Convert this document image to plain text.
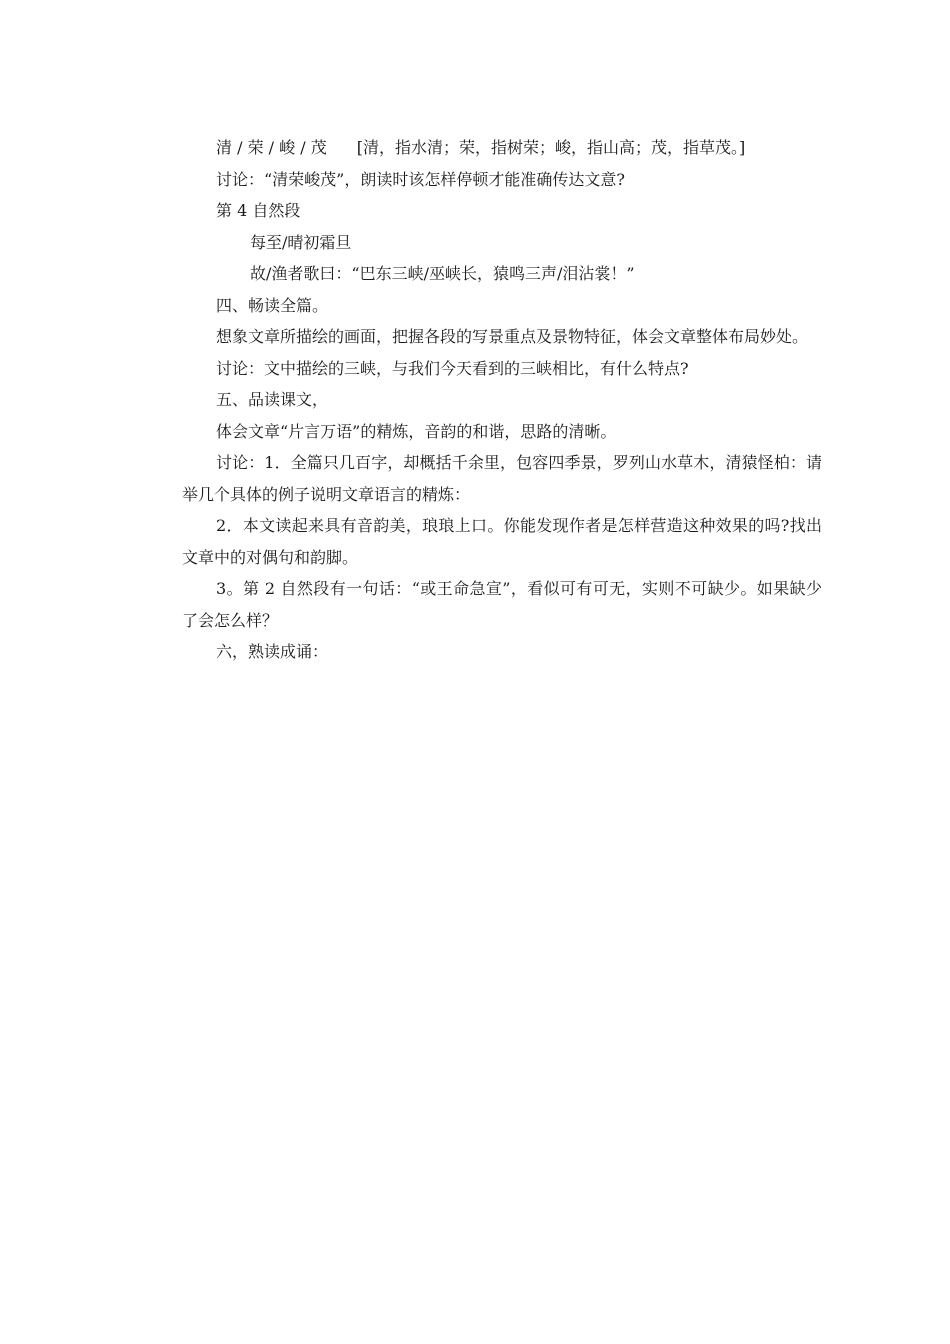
清 / 荣 / 峻 / 茂 [清，指水清；荣，指树荣；峻，指山高；茂，指草茂。]

讨论：“清荣峻茂”，朗读时该怎样停顿才能准确传达文意?

第 4 自然段

每至/晴初霜旦

故/渔者歌曰：“巴东三峡/巫峡长，猿鸣三声/泪沾裳！”

四、畅读全篇。

想象文章所描绘的画面，把握各段的写景重点及景物特征，体会文章整体布局妙处。

讨论：文中描绘的三峡，与我们今天看到的三峡相比，有什么特点?

五、品读课文，

体会文章“片言万语”的精炼，音韵的和谐，思路的清晰。

讨论：1．全篇只几百字，却概括千余里，包容四季景，罗列山水草木，清猿怪柏：请举几个具体的例子说明文章语言的精炼：

2．本文读起来具有音韵美，琅琅上口。你能发现作者是怎样营造这种效果的吗?找出文章中的对偶句和韵脚。

3。第 2 自然段有一句话：“或王命急宣”，看似可有可无，实则不可缺少。如果缺少了会怎么样？

六，熟读成诵：
